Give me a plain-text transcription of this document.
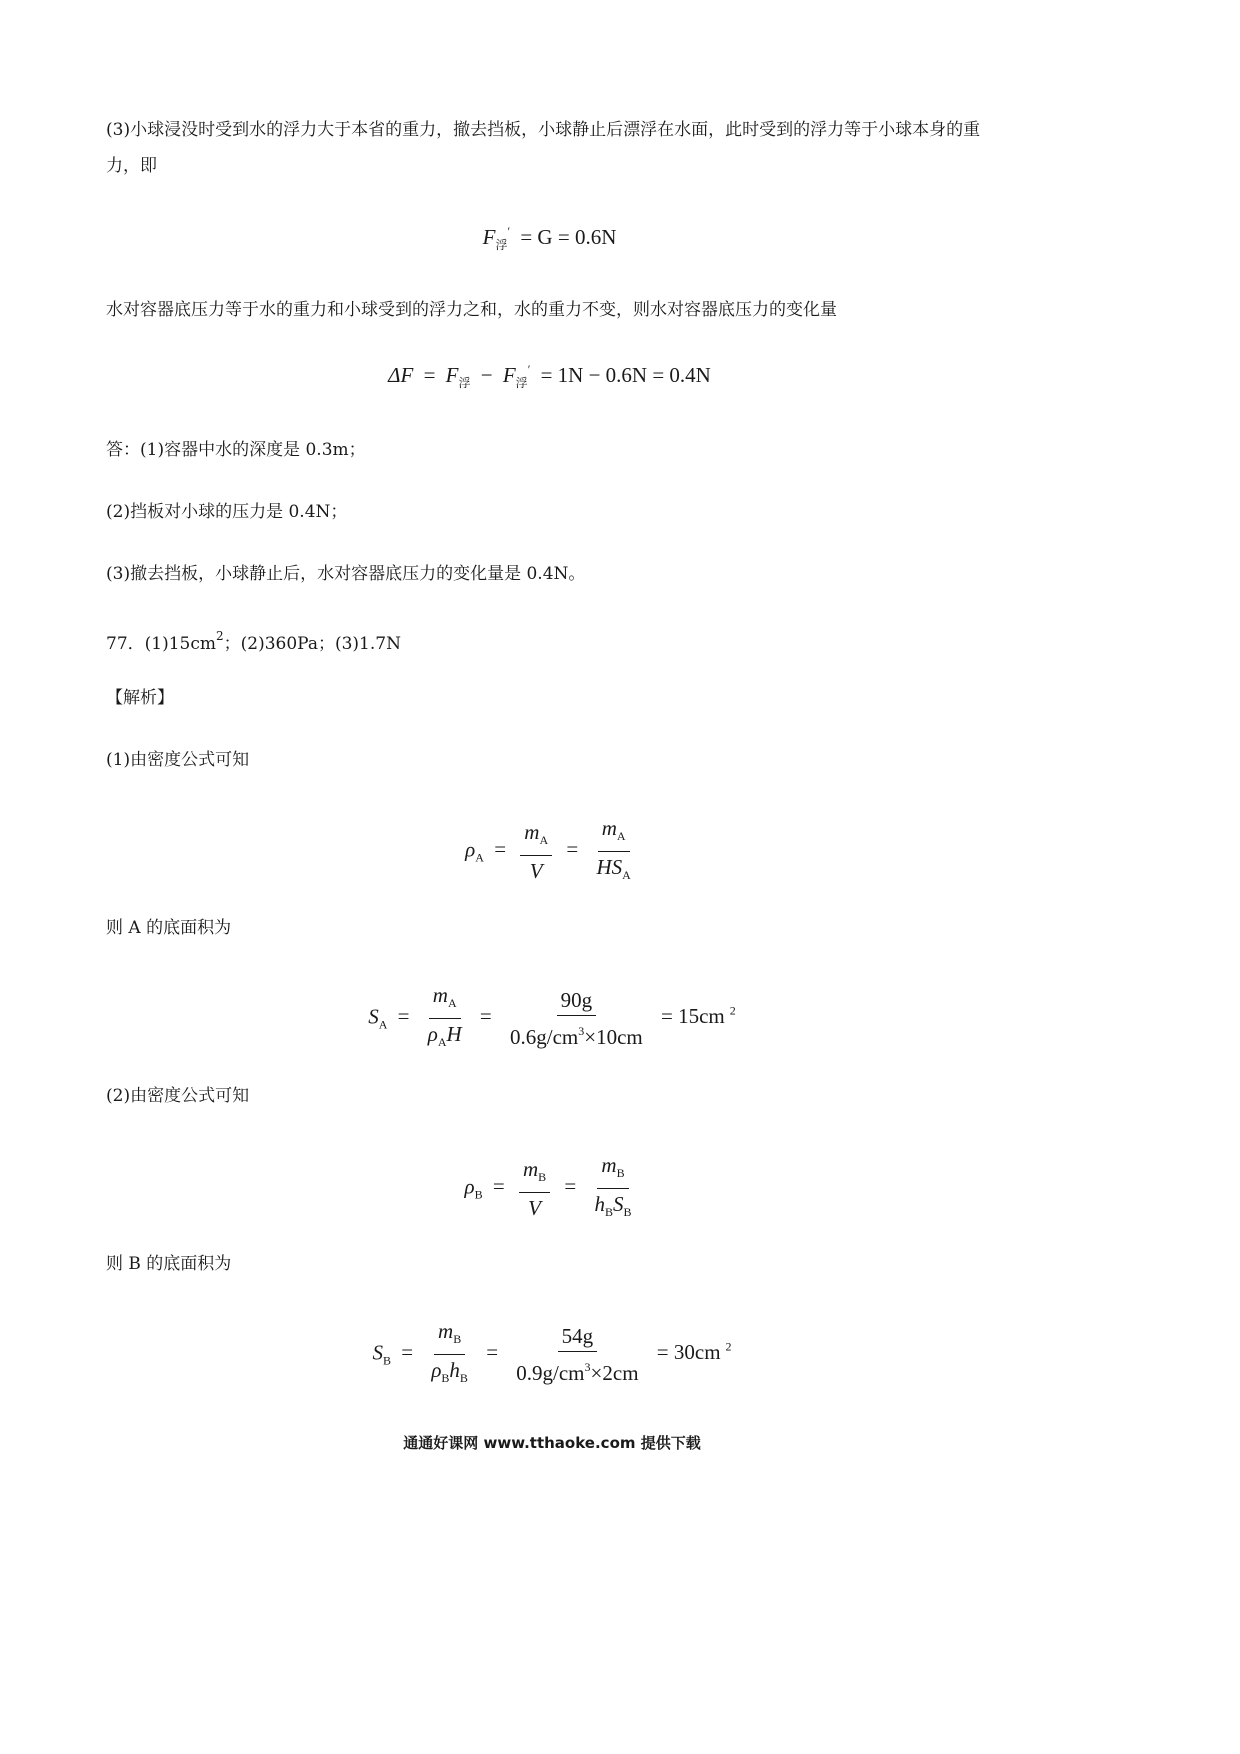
(3)小球浸没时受到水的浮力大于本省的重力，撤去挡板，小球静止后漂浮在水面，此时受到的浮力等于小球本身的重力，即

$F_浮' = G = 0.6N$

水对容器底压力等于水的重力和小球受到的浮力之和，水的重力不变，则水对容器底压力的变化量

$\Delta F = F_浮 - F_浮' = 1N - 0.6N = 0.4N$

答：(1)容器中水的深度是 0.3m；

(2)挡板对小球的压力是 0.4N；

(3)撤去挡板，小球静止后，水对容器底压力的变化量是 0.4N。

77．$(1)15cm^2$；(2)360Pa；(3)1.7N

【解析】

(1)由密度公式可知

$\rho_A = \frac{m_A}{V} = \frac{m_A}{HS_A}$

则 A 的底面积为

$S_A = \frac{m_A}{\rho_AH} = \frac{90g}{0.6g/cm^3\times 10cm} = 15cm$ $^2$

(2)由密度公式可知

$\rho_B = \frac{m_B}{V} = \frac{m_B}{h_BS_B}$

则 B 的底面积为

$S_B = \frac{m_B}{\rho_Bh_B} = \frac{54g}{0.9g/cm^3\times 2cm} = 30cm$ $^2$
通通好课网 www.tthaoke.com 提供下载
